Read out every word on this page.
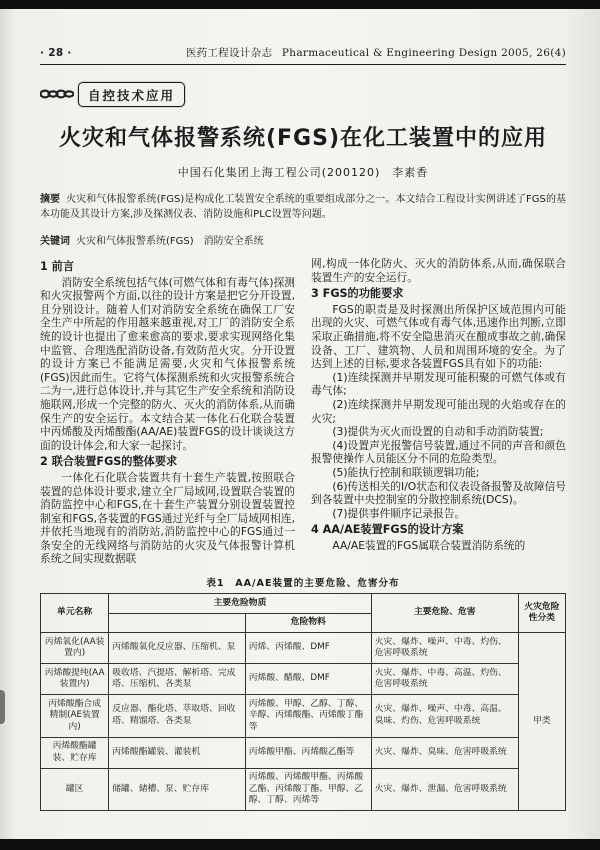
· 28 ·	医药工程设计杂志 Pharmaceutical & Engineering Design 2005, 26(4)
自控技术应用
火灾和气体报警系统(FGS)在化工装置中的应用
中国石化集团上海工程公司(200120)　李素香

摘要 火灾和气体报警系统(FGS)是构成化工装置安全系统的重要组成部分之一。本文结合工程设计实例讲述了FGS的基本功能及其设计方案,涉及探测仪表、消防设施和PLC设置等问题。

关键词 火灾和气体报警系统(FGS)　消防安全系统

1 前言

消防安全系统包括气体(可燃气体和有毒气体)探测和火灾报警两个方面,以往的设计方案是把它分开设置,且分别设计。随着人们对消防安全系统在确保工厂安全生产中所起的作用越来越重视,对工厂的消防安全系统的设计也提出了愈来愈高的要求,要求实现网络化集中监管、合理选配消防设备,有效防范火灾。分开设置的设计方案已不能满足需要,火灾和气体报警系统(FGS)因此而生。它将气体探测系统和火灾报警系统合二为一,进行总体设计,并与其它生产安全系统和消防设施联网,形成一个完整的防火、灭火的消防体系,从而确保生产的安全运行。本文结合某一体化石化联合装置中丙烯酸及丙烯酸酯(AA/AE)装置FGS的设计谈谈这方面的设计体会,和大家一起探讨。

2 联合装置FGS的整体要求

一体化石化联合装置共有十套生产装置,按照联合装置的总体设计要求,建立全厂局域网,设置联合装置的消防监控中心和FGS,在十套生产装置分别设置装置控制室和FGS,各装置的FGS通过光纤与全厂局域网相连,并依托当地现有的消防站,消防监控中心的FGS通过一条安全的无线网络与消防站的火灾及气体报警计算机系统之间实现数据联

网,构成一体化防火、灭火的消防体系,从而,确保联合装置生产的安全运行。

3 FGS的功能要求

FGS的职责是及时探测出所保护区域范围内可能出现的火灾、可燃气体或有毒气体,迅速作出判断,立即采取正确措施,将不安全隐患消灭在酿成事故之前,确保设备、工厂、建筑物、人员和周围环境的安全。为了达到上述的目标,要求各装置FGS具有如下的功能:

(1)连续探测并早期发现可能积聚的可燃气体或有毒气体;

(2)连续探测并早期发现可能出现的火焰或存在的火灾;

(3)提供为灭火而设置的自动和手动消防装置;

(4)设置声光报警信号装置,通过不同的声音和颜色报警使操作人员能区分不同的危险类型。

(5)能执行控制和联锁逻辑功能;

(6)传送相关的I/O状态和仪表设备报警及故障信号到各装置中央控制室的分散控制系统(DCS)。

(7)提供事件顺序记录报告。

4 AA/AE装置FGS的设计方案

AA/AE装置的FGS属联合装置消防系统的

表1　AA/AE装置的主要危险、危害分布
单元名称	主要危险物质		主要危险、危害	火灾危险性分类
		危险物料		
丙烯氧化(AA装置内)	丙烯酸氧化反应器、压缩机、泵	丙烯、丙烯酸、DMF	火灾、爆炸、噪声、中毒、灼伤、危害呼吸系统	甲类
丙烯酸提纯(AA装置内)	吸收塔、汽提塔、解析塔、完成塔、压缩机、各类泵	丙烯酸、醋酸、DMF	火灾、爆炸、中毒、高温、灼伤、危害呼吸系统	
丙烯酸酯合成精制(AE装置内)	反应器、酯化塔、萃取塔、回收塔、精馏塔、各类泵	丙烯酸、甲醇、乙醇、丁醇、辛醇、丙烯酸酯、丙烯酸丁酯等	火灾、爆炸、噪声、中毒、高温、臭味、灼伤、危害呼吸系统	
丙烯酸酯罐装、贮存库	丙烯酸酯罐装、灌装机	丙烯酸甲酯、丙烯酸乙酯等	火灾、爆炸、臭味、危害呼吸系统	
罐区	储罐、储槽、泵、贮存库	丙烯酸、丙烯酸甲酯、丙烯酸乙酯、丙烯酸丁酯、甲醇、乙醇、丁醇、丙烯等	火灾、爆炸、泄漏、危害呼吸系统	
